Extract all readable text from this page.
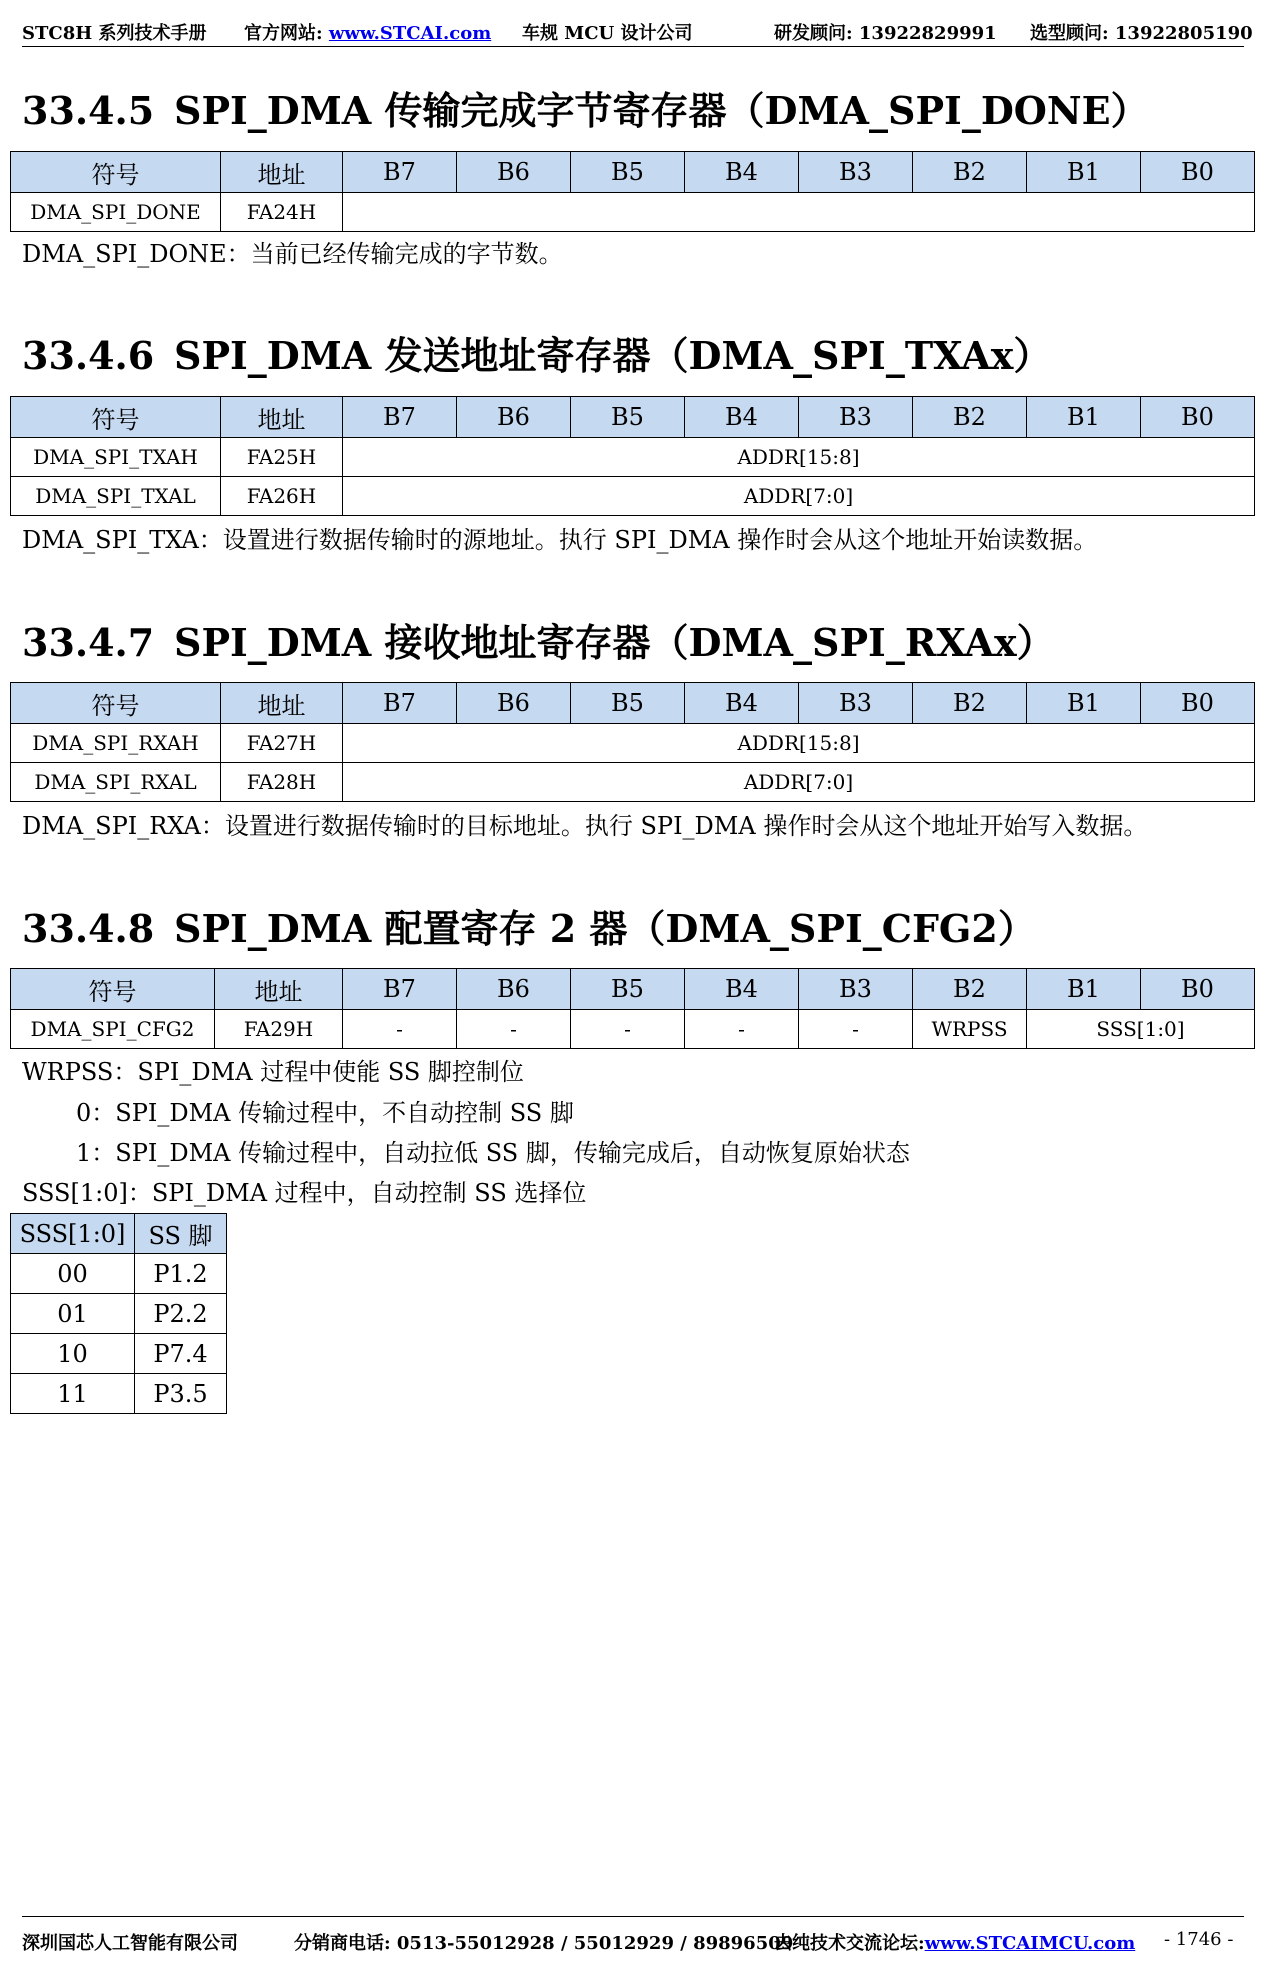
STC8H 系列技术手册 官方网站: www.STCAI.com 车规 MCU 设计公司	研发顾问: 13922829991 选型顾问: 13922805190
33.4.5 SPI_DMA 传输完成字节寄存器（DMA_SPI_DONE）
符号	地址	B7	B6	B5	B4	B3	B2	B1	B0
DMA_SPI_DONE	FA24H								
DMA_SPI_DONE：当前已经传输完成的字节数。
33.4.6 SPI_DMA 发送地址寄存器（DMA_SPI_TXAx）
符号	地址	B7	B6	B5	B4	B3	B2	B1	B0
DMA_SPI_TXAH	FA25H	ADDR[15:8]							
DMA_SPI_TXAL	FA26H	ADDR[7:0]							
DMA_SPI_TXA：设置进行数据传输时的源地址。执行 SPI_DMA 操作时会从这个地址开始读数据。
33.4.7 SPI_DMA 接收地址寄存器（DMA_SPI_RXAx）
符号	地址	B7	B6	B5	B4	B3	B2	B1	B0
DMA_SPI_RXAH	FA27H	ADDR[15:8]							
DMA_SPI_RXAL	FA28H	ADDR[7:0]							
DMA_SPI_RXA：设置进行数据传输时的目标地址。执行 SPI_DMA 操作时会从这个地址开始写入数据。
33.4.8 SPI_DMA 配置寄存 2 器（DMA_SPI_CFG2）
符号	地址	B7	B6	B5	B4	B3	B2	B1	B0
DMA_SPI_CFG2	FA29H	-	-	-	-	-	WRPSS	SSS[1:0]	
WRPSS：SPI_DMA 过程中使能 SS 脚控制位
0：SPI_DMA 传输过程中，不自动控制 SS 脚
1：SPI_DMA 传输过程中，自动拉低 SS 脚，传输完成后，自动恢复原始状态
SSS[1:0]：SPI_DMA 过程中，自动控制 SS 选择位
SSS[1:0]	SS 脚
00	P1.2
01	P2.2
10	P7.4
11	P3.5
深圳国芯人工智能有限公司	分销商电话: 0513-55012928 / 55012929 / 89896509
去纯技术交流论坛:www.STCAIMCU.com - 1746 -
